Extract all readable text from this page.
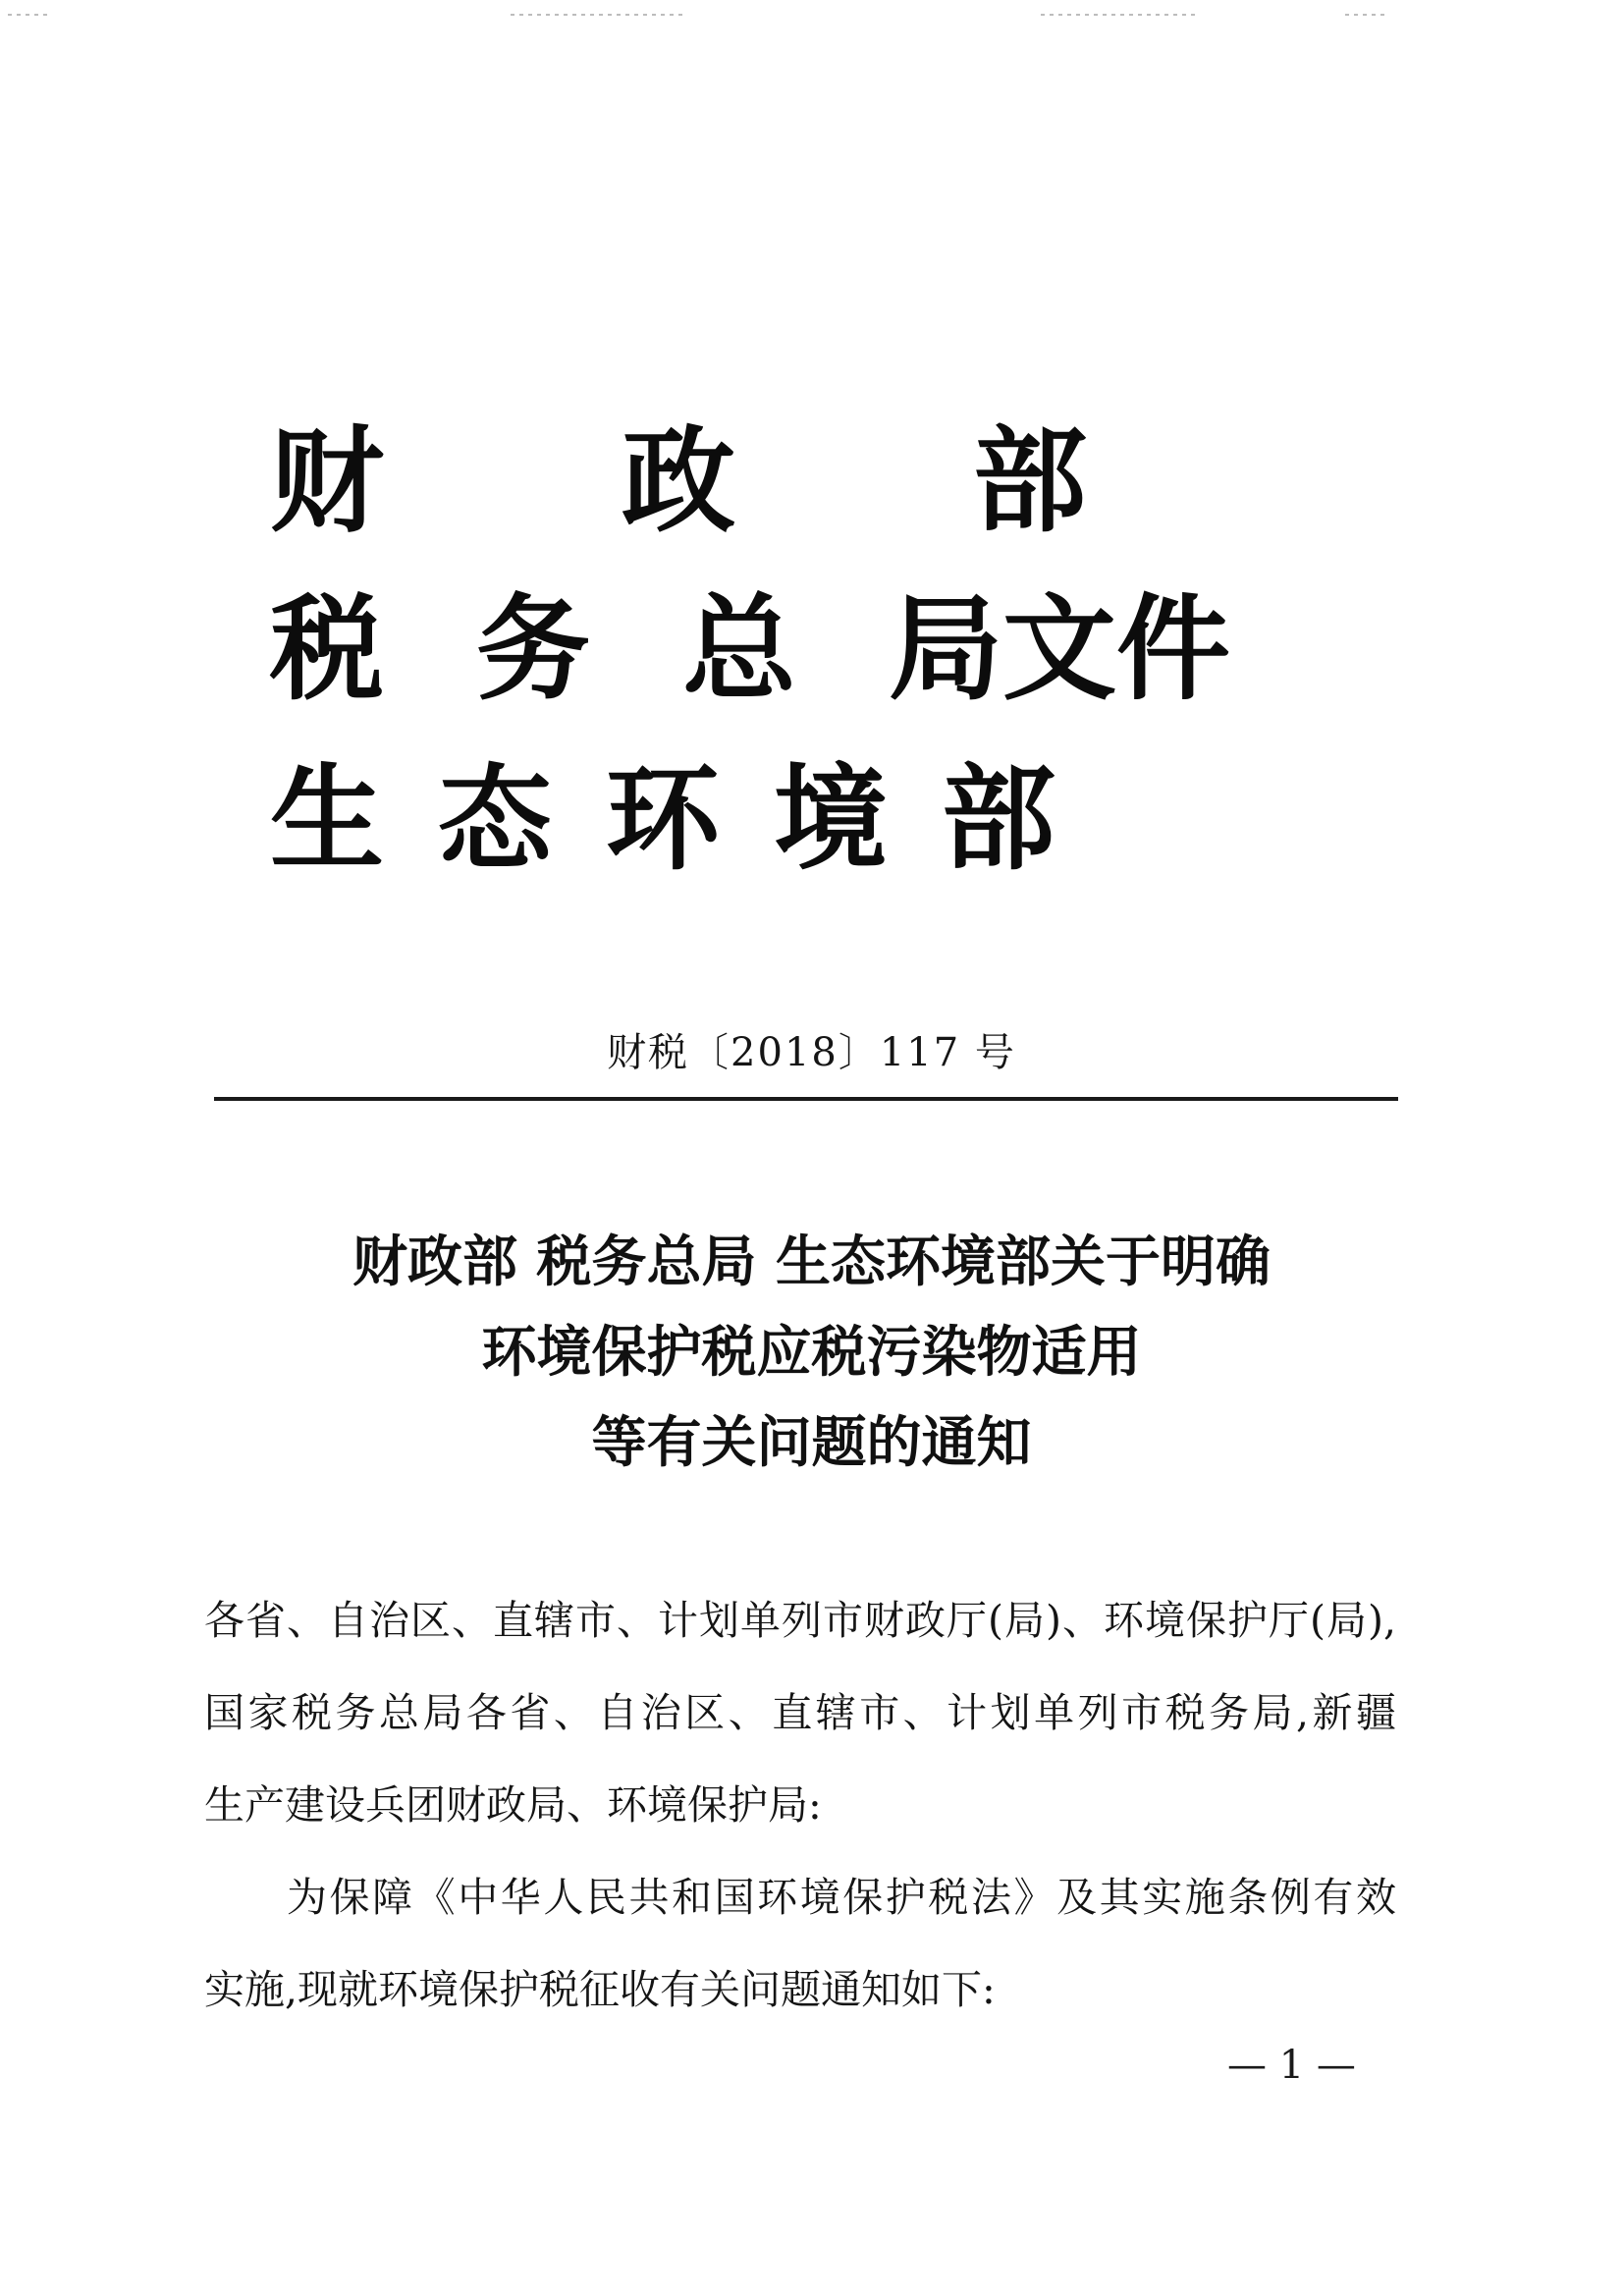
财政部
税务总 局文件
生态环境部
财税〔2018〕117 号
财政部 税务总局 生态环境部关于明确
环境保护税应税污染物适用
等有关问题的通知
各省、自治区、直辖市、计划单列市财政厅(局)、环境保护厅(局),
国家税务总局各省、自治区、直辖市、计划单列市税务局,新疆
生产建设兵团财政局、环境保护局:
为保障《中华人民共和国环境保护税法》及其实施条例有效
实施,现就环境保护税征收有关问题通知如下:
— 1 —
